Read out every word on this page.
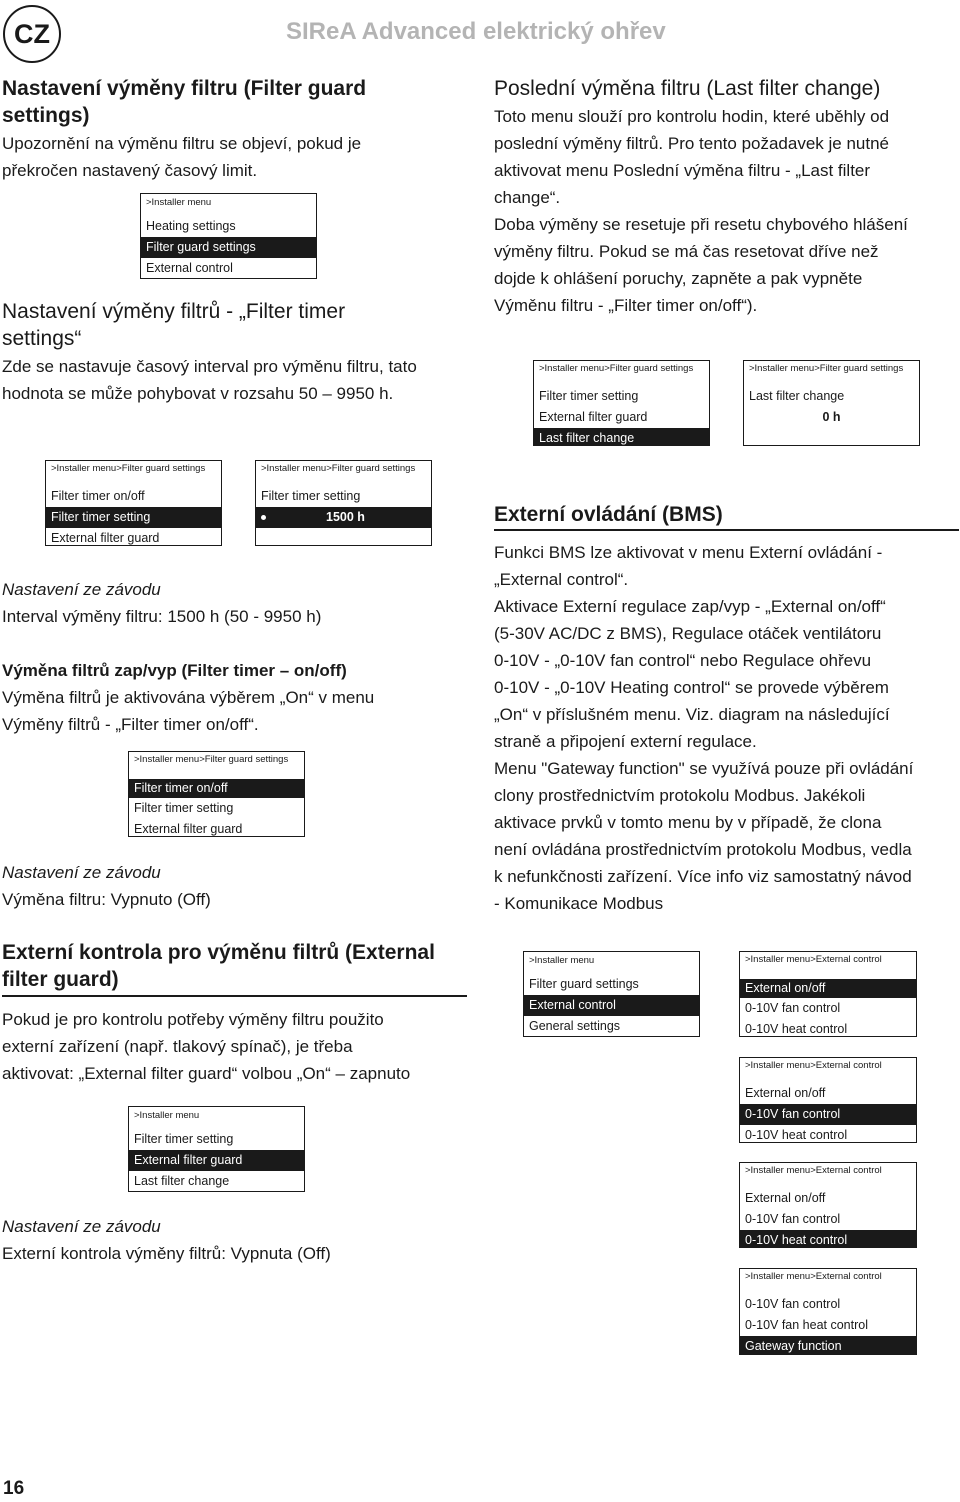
CZ	SIReA Advanced elektrický ohřev
Nastavení výměny filtru (Filter guard settings)
Upozornění na výměnu filtru se objeví, pokud je
překročen nastavený časový limit.
>Installer menu
Heating settings
Filter guard settings
External control
Nastavení výměny filtrů - „Filter timer
settings“
Zde se nastavuje časový interval pro výměnu filtru, tato
hodnota se může pohybovat v rozsahu 50 – 9950 h.
>Installer menu>Filter guard settings
Filter timer on/off
Filter timer setting
External filter guard
>Installer menu>Filter guard settings
Filter timer setting
1500 h
Nastavení ze závodu
Interval výměny filtru: 1500 h (50 - 9950 h)
Výměna filtrů zap/vyp (Filter timer – on/off)
Výměna filtrů je aktivována výběrem „On“ v menu
Výměny filtrů - „Filter timer on/off“.
>Installer menu>Filter guard settings
Filter timer on/off
Filter timer setting
External filter guard
Nastavení ze závodu
Výměna filtru: Vypnuto (Off)
Externí kontrola pro výměnu filtrů (External
filter guard)
Pokud je pro kontrolu potřeby výměny filtru použito
externí zařízení (např. tlakový spínač), je třeba
aktivovat: „External filter guard“ volbou „On“ – zapnuto
>Installer menu
Filter timer setting
External filter guard
Last filter change
Nastavení ze závodu
Externí kontrola výměny filtrů: Vypnuta (Off)
Poslední výměna filtru (Last filter change)
Toto menu slouží pro kontrolu hodin, které uběhly od
poslední výměny filtrů. Pro tento požadavek je nutné
aktivovat menu Poslední výměna filtru - „Last filter
change“.
Doba výměny se resetuje při resetu chybového hlášení
výměny filtru. Pokud se má čas resetovat dříve než
dojde k ohlášení poruchy, zapněte a pak vypněte
Výměnu filtru - „Filter timer on/off“).
>Installer menu>Filter guard settings
Filter timer setting
External filter guard
Last filter change
>Installer menu>Filter guard settings
Last filter change
0 h
Externí ovládání (BMS)
Funkci BMS lze aktivovat v menu Externí ovládání -
„External control“.
Aktivace Externí regulace zap/vyp - „External on/off“
(5-30V AC/DC z BMS), Regulace otáček ventilátoru
0-10V - „0-10V fan control“ nebo Regulace ohřevu
0-10V - „0-10V Heating control“ se provede výběrem
„On“ v příslušném menu. Viz. diagram na následující
straně a připojení externí regulace.
Menu "Gateway function" se využívá pouze při ovládání
clony prostřednictvím protokolu Modbus. Jakékoli
aktivace prvků v tomto menu by v případě, že clona
není ovládána prostřednictvím protokolu Modbus, vedla
k nefunkčnosti zařízení. Více info viz samostatný návod
- Komunikace Modbus
>Installer menu
Filter guard settings
External control
General settings
>Installer menu>External control
External on/off
0-10V fan control
0-10V heat control
>Installer menu>External control
External on/off
0-10V fan control
0-10V heat control
>Installer menu>External control
External on/off
0-10V fan control
0-10V heat control
>Installer menu>External control
0-10V fan control
0-10V fan heat control
Gateway function
16
